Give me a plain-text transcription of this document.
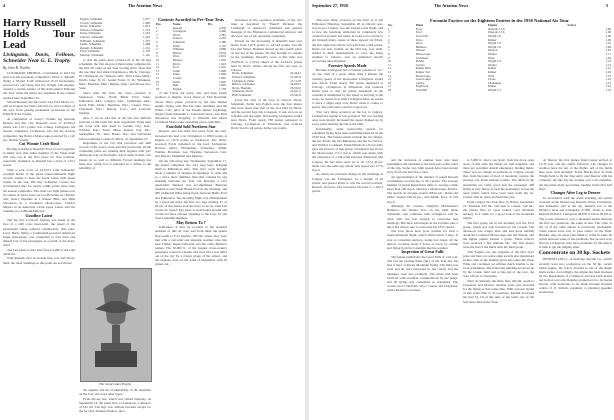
4	The Aviation News
Harry Russell
Holds Tour Lead
Livingston, Davis, Fellows, Schneider Near G. E. Trophy
By John B. Nordin

COLORADO SPRINGS—Continuing to hold his lead over his seventeen competitors, Harry L. Russell, flying a Model F-AT trimotored Ford monoplane, powered by one Wasp and two Wright J-6s engines, assured a certain winner of the sixth annual National Air Tour when the thirty-two airplanes in the contest reached here September 20.

Should Russell win this year's tour Ford Motor Co. will be stopped the Watts Aircraft Co. twice winner of the tour, from gaining permanent possession of the Edsel B. Ford Trophy.

At completion of today's 79-mile leg between Denver and this city, Russell's score of 42,593.4 points was 1,011 points over Johnny Livingston, his nearest competitor. Livingston, who has the slowest competitor, has flown a Monocoupe powered by a 110 h.p. Warner Scarab.

Cut Winnie Craft-Rind

Barring accident to Russell's Ford it is not regarded as likely now that either member of the Wasp team will lose out in the first place for first position, especially inasmuch as Russell has a lead of 1,011 points.

With a total score of 24,572.3 John Schneider, youthful holder of the junior transcontinental flight records, seems to have the Great Lakes light plane trophy in the bag. His tiny Schneider Cessna has accumulated thus far nearly 2,900 points more than his nearest competitor. The other two light planes now in contest of lesser class are Lee Bowman in a Kinner Star, Nancy Hopkins in a Kinner Bird, and Dick Stevenson in a Lockheed Monocoupe. Charles Meyers in an American Cirrus Great Lakes, and Art Sommer in a LeBlond Mercury.

Goodbye Latest

The lap into Colorado Springs was made in the face of a stiff cross head-wind, the speed of the participants being reduced considerably. One pilot, Larry Bach, flying a Continental-powered American Eagle monoplane, was compelled to turn back and missed lots of his passengers as a result of the head-wind.

The tour plans to date have flown 3,266 of the total 4,840 mi.

With Russell, first in present line, red, and Davis, third, the other standings at this point are as follows:

Eaglen, Schneider	1,977
Crosby, Schneider	1,900
Davis, Schneider	1,874
Fellows, Schneider	1,735
Klein, Schneider	1,543
Lincoln, Schneider	1,422
Williams, Schneider	1,357
Lamb, Schneider	1,268
Russell, Schneider	1,251
Ford, Schneider	1,170
Monroe, Schneider	1,142

to date the pilots have covered 22 of the 30 legs scheduled, the first eleven of them being completed in the first 20 count on the Tour scoring since. Note that the one they had visited Kalamazoo, Mich.; Chicago, Ill.; Davenport, Ia.; Wausau, Wis.; Twin Cities, Minn.; Devils Lake, N. D.; Grand Forks, N. D.; Winnipeg, Man.; Brandon, Man.; Regina, Sask.; and Moose Jaw, Sask.

Since then the Tour has been received at Saskatoon, Sask.; North Battle Ford, Sask.; Edmonton, Alta.; Calgary, Alta.; Lethbridge, Alta.; Great Falls, Mont.; Sheridan, Wyo.; Casper, Wyo.; Cheyenne, Wyo.; Denver, Colo.; and Colorado Springs.

Also it can be said that of the last four difficult portions of the route has been negotiated. From here the route will take them to Garden City, Kan.; Wichita, Kan.; Tulsa, Okla.; Kansas City, Mo.; Springfield, Ill.; Terre Haute, Ind.; and Cincinnati before returning to Detroit, Mich., on September 27.

Regardless of the fact that precision and skill records of the year's event and that practically all the competing pilots are running their engines with 'gas' during the trip on the flights. All of them in their own planes do so well so difficult. Forced landings has been less, which fact is regarded as a tribute to the reliability of

The Great Lakes Trophy

the engines and the workmanship of the airplanes on the Tour who lead other types.

From Moose Jaw, which was visited Saturday, on September 16, the pilots flew to Saskatoon, a distance of 181 mi. The legs was without incident except for the fact that Truman Wadlow, pilot

Contests Awarded in Pre-Tour Tests
Pos.	Name	Pts.
1	Russell	2,456
2	Livingston	2,400
3	Davis	2,381
4	Fellows	2,295
5	Schneider	2,180
6	Zeller	2,170
7	Williams	2,086
8	Bellow	2,034
9	Ware	2,010
10	Monroe	1,970
11	Davis	1,943
12	Ford	1,937
13	Lamb	1,899
14	Kline	1,860
15	Crosby	1,842
16	Zeller	1,826
17	Hall	1,805
18	Eaglen	1,778

of the Travel Air entry, who had been fourth position at Regina, stood ahead of Earl Rowland, whose Waco plane, powered by the new Kinner engine, flying well. But his other standings said the Walter Carr, pilot of the Pander-Tanner Lightning, slipped from thirteenth to fourteenth place, and Dick Stevenson was dropping to fifteenth and others Lockheed Monocoupe switching places with him.

Fairchild Sold Northern Star

Russell, who has held first place from the start, increased his lead over Livingston to 186.9 points at Regina to 1,076 points at Saskatoon. The Wasp-powered Fords remained in the lead, Livingston, Bowen, Zeller, Holderman, Schneider, Smith, Walther, Bowman, Lee, Hopkins, Stevenson, Carr, and Meyers, Mummert and Monroe.

On the following day, Wednesday, September 17, the planes completed two very long hops, bringing them to Edmonton, Alta. This day's work brought about a number of changes in standings. It came and so a place more numbers than that counted by any standing National Air Tour. On Monday, a very unenviable distance was accomplished. Between Saskatoon and North Battle Ford in the morning, and 282 additional miles being flown between Battle Ford and Edmonton. The morning flight was distinguished by a good tail-wind, the first two legs running 47 of 43 mi. of the planes took the boys to set up some fast clocks for speed. The route is well bound ground and would not have offered anything to the boys for the Tour's standing numbers.

May Return To 7

Edmonton, it may be recalled, is the northern terminal of this air trail, and from there the planes flew south to Fort Ogilvie, 300 mi. where they were met with a tail-wind and pleasant weather. One line near Fokker Super-Universal and the other Bellanca planes. The 30,000 ft. of the longest cross-country passenger course in Canada, and were met a few miles out of the city by a 2-hour group of the airport, and the airplane were on the 22nd of September with 32 planes out.

increased in the operative problems of the two lines as described by "Punch" Dickson, the Lindbergh of America's northland and general manager of the Edmonton Commercial Airways and Airways, one of the operating companies.

Except for the increasing of Russell's lead over Davis from 1,076 points to 1,374.4 points, and the fact that Nancy Hopkins moved up into fourth place on the list of the planes, the flag brought no change in the standings. Russell's score at this time was 29,833.6, or 1,374.4 ahead of the 24,444.2 points held by Davis. Others among the first ten were as follows:

Davis, Schneider	29,444.2
Fellows, Schneider	27,431.6
Livingston, Zeller	27,112.8
Bellow, Schneider	26,976.5
Davis, Hopkins	26,552.0
Schneider, Davis	25,871.5
Hall, Schneider	25,341.0

Upon the start of the Tour at Detroit, Davis, Schneider, Zeller and Eaglen were the four planes that were fewer than that of the 12.4 held by Davis, and the second legs this to happen. It was won on on schedule and the night, that having Livingston would pass Davis. From nearly 700 points registered at Chicago, Livingston, at Edmonton, had reduced Davis' lead to 44 points. Zeller was points.

September 27, 1930	The Aviation News	5

This new thing occurred on the Tour as it left Edmonton Thursday, September 18. A 244-mi. non-stop hop to Calgary was the longest route flight, and to how the handicap embodied in completely few connectors in their last tanks, in order to be certain to get through many causes of these spread. On Thurs. the first eight days Davis won 420 from 1,364 points. Davis ran into trouble on the first leg, was sixth. Added to their determination to carry the Wasp engined to Calgary, was an unhurried stretch recovering their airplanes.

Forestry Speeds Made

Because Livingston has a formula constant of 12.1 on one class of a great rather than a Kinner the cruising speed of his monoplane Livingston would pass Davis. From nearly 700 points registered at Chicago, Livingston, at Edmonton, had reduced Davis' lead to only 44 points. Inasmuch as the constant is multiplied by the speed at arriving at the score, no matter how little Livingston flies, he seems to have a slight edge over Davis when it comes to speed. The point that would be wiped out.

This very thing occurred on the leg to Calgary. Livingston's engine is low-powered. The two leading ones were mostly increased the speed chalked up by every plane making the trip at the time.

Incidentally, some noteworthy speeds for scheduled flying have been established thus far in the 1930 Tour. The fastest entries include the two Wasps, the two Fords, the two Bellancas, and the two Wacos, and Walter's Lockheed. Frank Hawks in a Ford really gave the flowers of this group. Livingston has flown his Monocoupe 171.5 m.p.h. which was made with the assistance of a tail-wind between Edmonton and Calgary. He has since sped on to do 172.2 m.p.h. made over the same leg. Davis' best speed was 177.9 m.p.h.

As stated, the principal change in the standings at Calgary was the Livingston, by a margin of 20 points, had passed Davis to win the second position. Russell, however, had increased his lead to 1,104.3 points.

Formula Factors on the Eighteen Entries in the 1930 National Air Tour
No.	Plane	Engine	Factor
1	Ford	Wasp & 2 J-6	1.00
2	Ford	Wasp & 2 J-6	1.00
3	Travel Air	Wright J-6	1.08
4	Waco	Kinner	1.09
5	Waco	Wright J-6	1.10
6	Bellanca	Wright J-6	1.06
7	Stinson	Wasp Jr.	1.05
8	Monocoupe	Warner	1.17
9	Lockheed	Wasp	1.04
10	Pander	Wright J-6	1.12
11	Cessna	Warner	1.14
12	Kinner Bird	Kinner	1.21
13	Kinner Star	Kinner	1.20
14	Monocoupe	Velie	1.23
15	Great Lakes	Cirrus	1.25
16	Curtiss	Challenger	1.13
17	Eaglerock	Kinner	1.19
18	Fairchild	Wright J-5	1.16

and the inclusion of engines have also been established and extended to the most part at this point of the trip. Some very high speeds have been turned in by the Fords and Waco class.

An appraisement of the number of points Russell accumulates on each leg, is 34.3 points. The average number of points Russell has daily to average a little more than 100 m.p.h. whereas a Monocoupe, Davis's. The speeds on average around 108 m.p.h., Davis and Zeller around 106 m.p.h., and Smith, Ford, at 102 m.p.h.

Although the Cessna, Kingbird Holderman's Bellanca, the Kinner Star, on the light plane Schneider, who continues with Livingston, will be cited with one fast enough to overcome that handicap. But their advantages in the formula plus a tail-wind will be sure to overcome his 18.0 contest.

The Tour pilots have good weather for such a transcontinental flight, which lasted about 3 days. It was on Canadian territory, being four hours off the airport, covering about 3 hours of forest by ceiling and flying from the Canadian line the weather.

Inspection of Great Falls

The planes pulled into the Great Falls at 1:42 p.m. The last ten passing miles (mi.) of the Tour into the first 3 days of Rocky Mountain flying. The field was clear and all were inspected by the county and the airplanes were met promptly. The pilots had been received with excellent considerations by the judge, and all flying was completed as scheduled. The course was to Sheridan, Wyo.; Casper and Cheyenne, where Denver is reached.

at 5,000 ft. above sea level; from the more open areas of this state the fields are well supplied, and there are excellent natural emergency landing fields. There was no change in positions at Calgary, except that, from the point of view of mountain country, the passage was made without trouble. The fields in the mountains are fairly good and the passenger 260 flying is very flown. It took the passengers across the open plains which have been seen from the air. Cessna with no grass problem this year.

From Calgary the Tour flew on Friday, September 19. Sheridan 225 mi., and then to Casper, 140 mi., the planes flew in open country over Montana territory in a climb for a good look at the mountain ranges.

The first group out in the morning was the Ford group, which was well received by the crowds. The afternoon was longer than and had more landing about the Lockheed Monocoupe and the Warner, and the lighter planes formed a group. These fellows were received a few minutes late. The first planes were the last of the fields with the final group.

Tom Eaglen was the recipient of the first day's prize and there are some other awards also mentioned in this. One of the leading pilots has taken the Wasp Wing and continued on without much trouble to the local scheduling. The following standing are given up by the Casper field and at the end of the race, the Tour will be to Cheyenne.

Then on Saturday the ships flew 220 mi. south to Cheyenne and Denver. Another prize was awarded for the flying of this some time. With a proper flying of this some time to 35 positions, Russell increased his lead by 1.9 of the state of the team, one of the best since then in the Tour.

At Denver the first planes from Casper arrived at 12:35 p.m. and the others followed. The changes in position have the last of the flights. All of the fields here were well attended. Frank Hawks flew in from Wright field to fly the Tour entry over Denver with his company. On this leg the weather was a bit unsettled, but the pilots made good time, landing in the first half hour.

Changes After Leg to Denver

In accordance with the usual standing, the points awarded on the Denver leg, Russell, Davis, Livingston, and Schneider still at the top. Russell was at the 28,942.3 level and Livingston 27,885. Totals to date: Russell 29,950.2; Livingston 28,939.3; Davis 28,611.4. The scores amount to over a thousand points between the first two positions, the same as that. The order of the 12 of the other entries is practically unchanged. Some planes have had to pass others on the field. Besides, they all expect the finish to come in some 20 points between some of the positions. The second, now held by Livingston, may have problems by the time it is time to get the judging done.

Concentrate on 30 hp. Sockets

DETROIT (AVC)—A Seafoley Aircraft Co., which recently went into production on the 30 hp. socket radial engine, the S.R.S. decided to use of the single main socket. Accordingly, the engine has been licensed by the Department of Commerce and has been turned out in the tool room. Regular production is to be begun shortly, with deliveries to be made through licensed orders. O. E. Siebels, president, is planning speedier production.
